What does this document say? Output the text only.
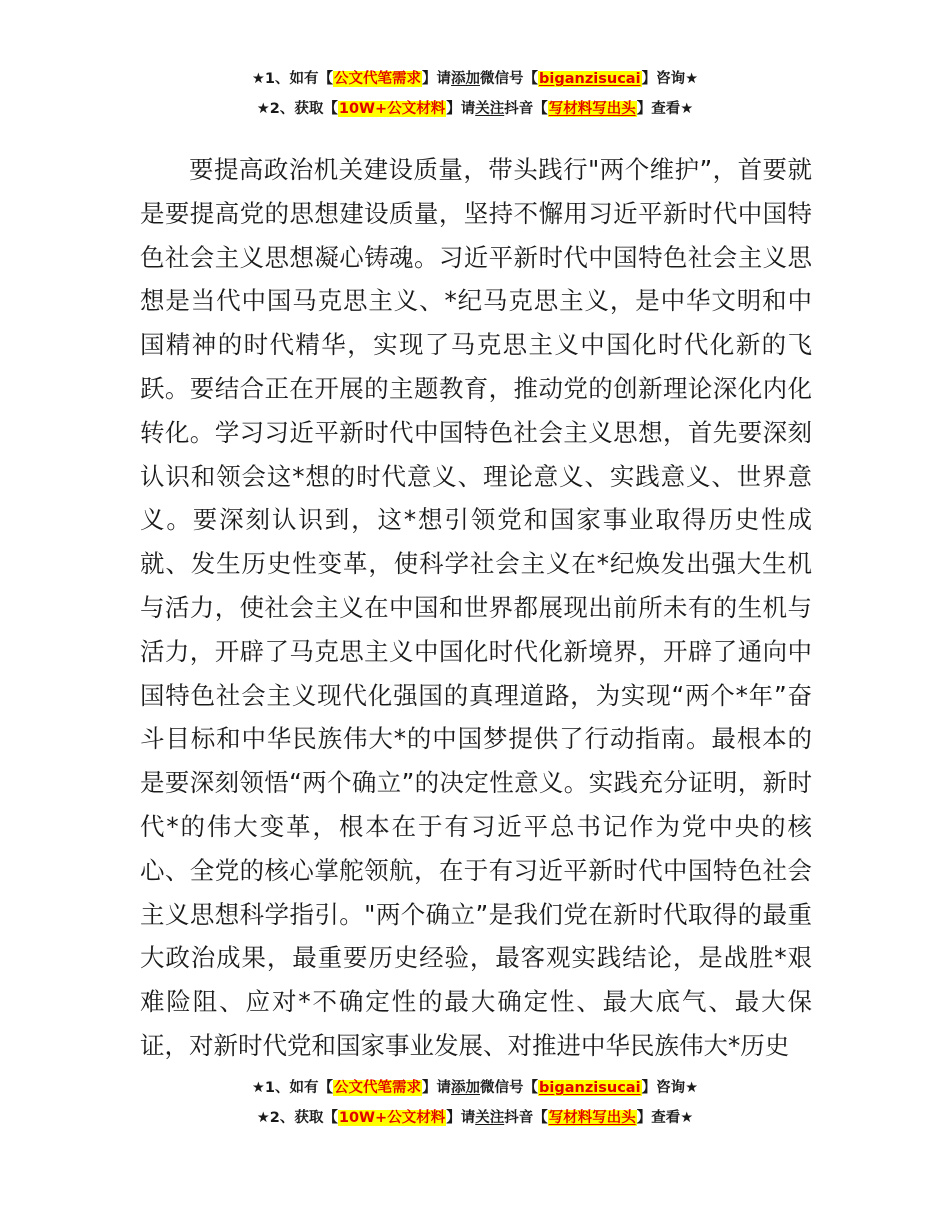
★1、如有【公文代笔需求】请添加微信号【biganzisucai】咨询★
★2、获取【10W+公文材料】请关注抖音【写材料写出头】查看★

要提高政治机关建设质量，带头践行"两个维护”，首要就是要提高党的思想建设质量，坚持不懈用习近平新时代中国特色社会主义思想凝心铸魂。习近平新时代中国特色社会主义思想是当代中国马克思主义、*纪马克思主义，是中华文明和中国精神的时代精华，实现了马克思主义中国化时代化新的飞跃。要结合正在开展的主题教育，推动党的创新理论深化内化转化。学习习近平新时代中国特色社会主义思想，首先要深刻认识和领会这*想的时代意义、理论意义、实践意义、世界意义。要深刻认识到，这*想引领党和国家事业取得历史性成就、发生历史性变革，使科学社会主义在*纪焕发出强大生机与活力，使社会主义在中国和世界都展现出前所未有的生机与活力，开辟了马克思主义中国化时代化新境界，开辟了通向中国特色社会主义现代化强国的真理道路，为实现“两个*年”奋斗目标和中华民族伟大*的中国梦提供了行动指南。最根本的是要深刻领悟“两个确立”的决定性意义。实践充分证明，新时代*的伟大变革，根本在于有习近平总书记作为党中央的核心、全党的核心掌舵领航，在于有习近平新时代中国特色社会主义思想科学指引。"两个确立”是我们党在新时代取得的最重大政治成果，最重要历史经验，最客观实践结论，是战胜*艰难险阻、应对*不确定性的最大确定性、最大底气、最大保证，对新时代党和国家事业发展、对推进中华民族伟大*历史

★1、如有【公文代笔需求】请添加微信号【biganzisucai】咨询★
★2、获取【10W+公文材料】请关注抖音【写材料写出头】查看★
